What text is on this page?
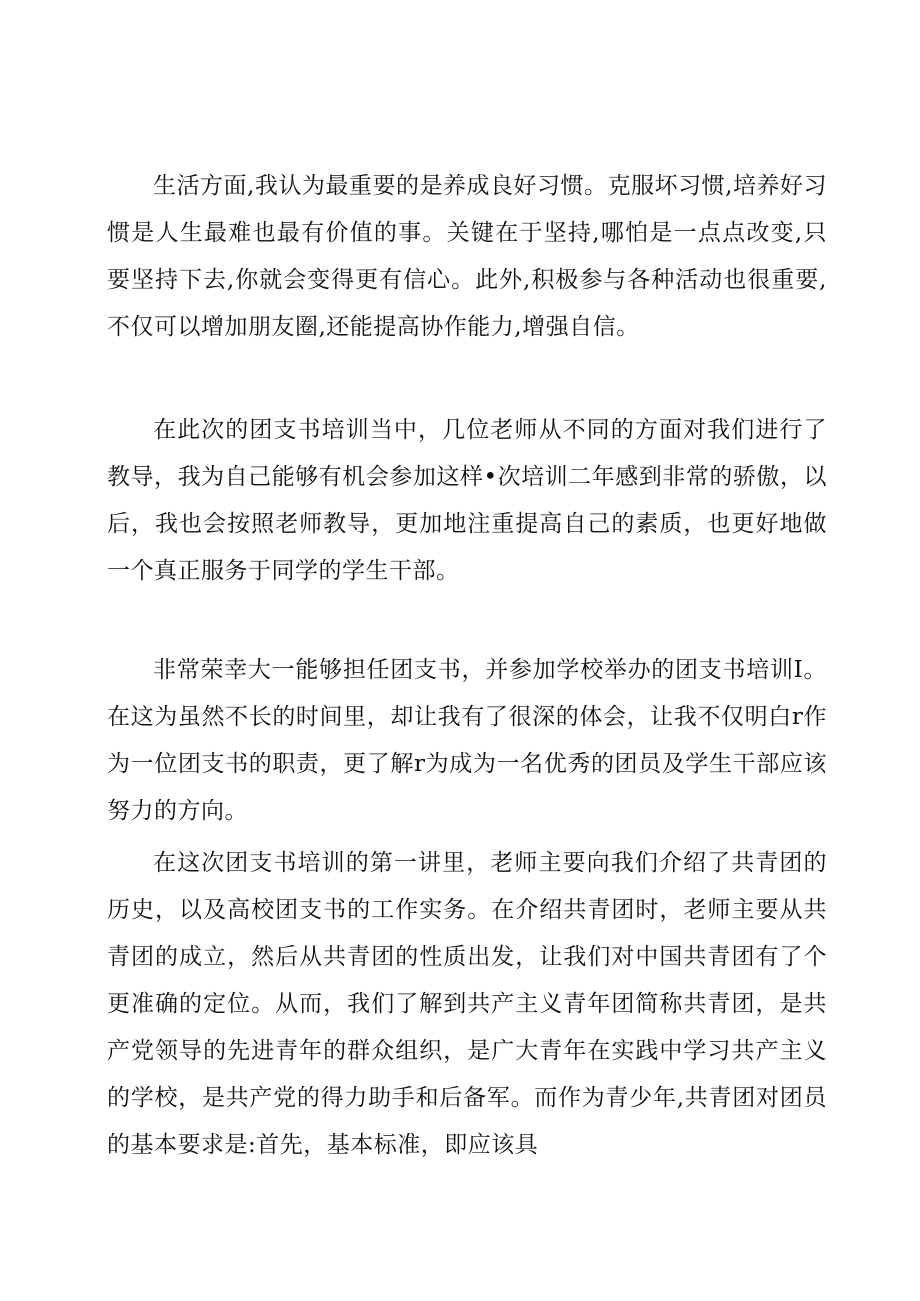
生活方面,我认为最重要的是养成良好习惯。克服坏习惯,培养好习惯是人生最难也最有价值的事。关键在于坚持,哪怕是一点点改变,只要坚持下去,你就会变得更有信心。此外,积极参与各种活动也很重要,不仅可以增加朋友圈,还能提高协作能力,增强自信。

在此次的团支书培训当中，几位老师从不同的方面对我们进行了教导，我为自己能够有机会参加这样•次培训二年感到非常的骄傲，以后，我也会按照老师教导，更加地注重提高自己的素质，也更好地做一个真正服务于同学的学生干部。

非常荣幸大一能够担任团支书，并参加学校举办的团支书培训I。在这为虽然不长的时间里，却让我有了很深的体会，让我不仅明白r作为一位团支书的职责，更了解r为成为一名优秀的团员及学生干部应该努力的方向。

在这次团支书培训的第一讲里，老师主要向我们介绍了共青团的历史，以及高校团支书的工作实务。在介绍共青团时，老师主要从共青团的成立，然后从共青团的性质出发，让我们对中国共青团有了个更准确的定位。从而，我们了解到共产主义青年团简称共青团，是共产党领导的先进青年的群众组织，是广大青年在实践中学习共产主义的学校，是共产党的得力助手和后备军。而作为青少年,共青团对团员的基本要求是:首先，基本标准，即应该具
